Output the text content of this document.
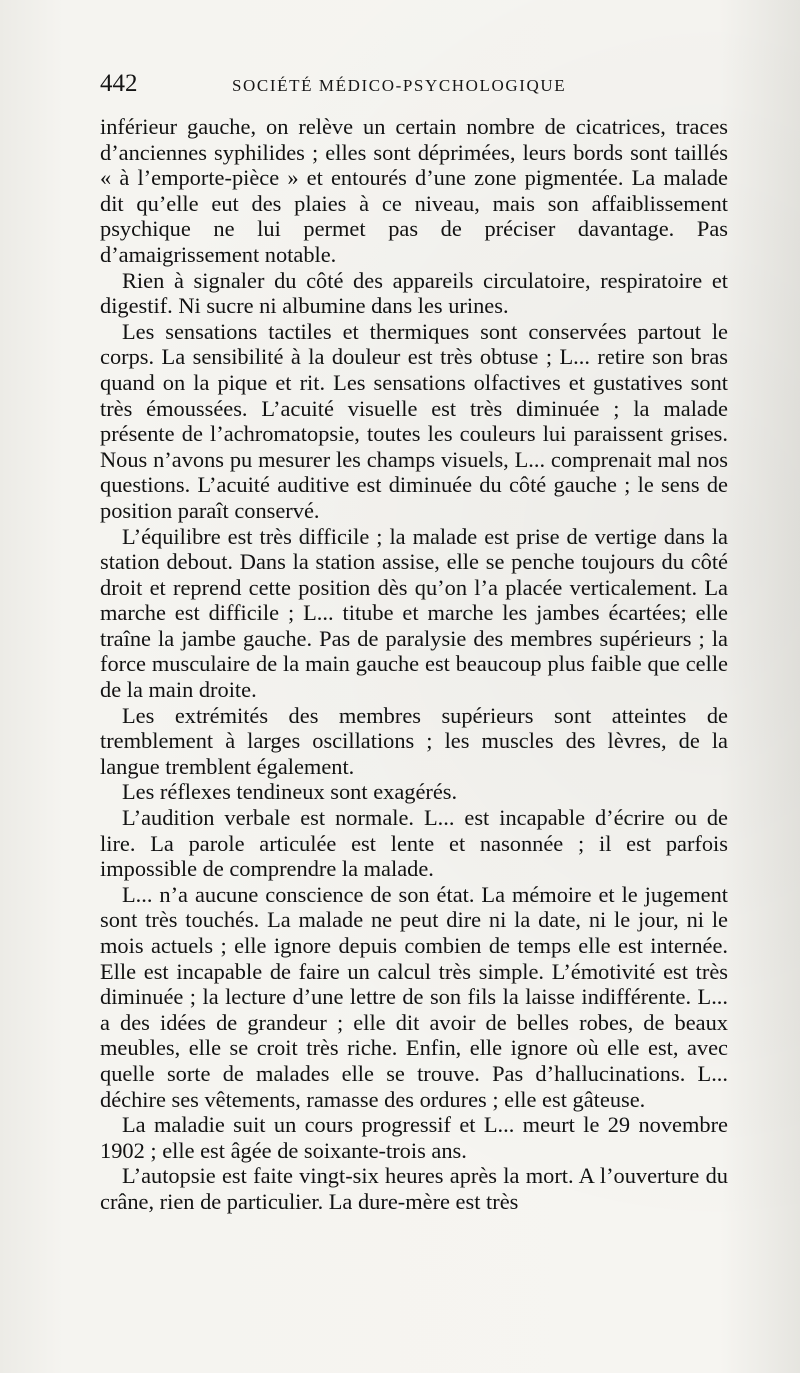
442	SOCIÉTÉ MÉDICO-PSYCHOLOGIQUE

inférieur gauche, on relève un certain nombre de cicatrices, traces d’anciennes syphilides ; elles sont déprimées, leurs bords sont taillés « à l’emporte-pièce » et entourés d’une zone pigmentée. La malade dit qu’elle eut des plaies à ce niveau, mais son affaiblissement psychique ne lui permet pas de préciser davantage. Pas d’amaigrissement notable.

Rien à signaler du côté des appareils circulatoire, respiratoire et digestif. Ni sucre ni albumine dans les urines.

Les sensations tactiles et thermiques sont conservées partout le corps. La sensibilité à la douleur est très obtuse ; L... retire son bras quand on la pique et rit. Les sensations olfactives et gustatives sont très émoussées. L’acuité visuelle est très diminuée ; la malade présente de l’achromatopsie, toutes les couleurs lui paraissent grises. Nous n’avons pu mesurer les champs visuels, L... comprenait mal nos questions. L’acuité auditive est diminuée du côté gauche ; le sens de position paraît conservé.

L’équilibre est très difficile ; la malade est prise de vertige dans la station debout. Dans la station assise, elle se penche toujours du côté droit et reprend cette position dès qu’on l’a placée verticalement. La marche est difficile ; L... titube et marche les jambes écartées; elle traîne la jambe gauche. Pas de paralysie des membres supérieurs ; la force musculaire de la main gauche est beaucoup plus faible que celle de la main droite.

Les extrémités des membres supérieurs sont atteintes de tremblement à larges oscillations ; les muscles des lèvres, de la langue tremblent également.

Les réflexes tendineux sont exagérés.

L’audition verbale est normale. L... est incapable d’écrire ou de lire. La parole articulée est lente et nasonnée ; il est parfois impossible de comprendre la malade.

L... n’a aucune conscience de son état. La mémoire et le jugement sont très touchés. La malade ne peut dire ni la date, ni le jour, ni le mois actuels ; elle ignore depuis combien de temps elle est internée. Elle est incapable de faire un calcul très simple. L’émotivité est très diminuée ; la lecture d’une lettre de son fils la laisse indifférente. L... a des idées de grandeur ; elle dit avoir de belles robes, de beaux meubles, elle se croit très riche. Enfin, elle ignore où elle est, avec quelle sorte de malades elle se trouve. Pas d’hallucinations. L... déchire ses vêtements, ramasse des ordures ; elle est gâteuse.

La maladie suit un cours progressif et L... meurt le 29 novembre 1902 ; elle est âgée de soixante-trois ans.

L’autopsie est faite vingt-six heures après la mort. A l’ouverture du crâne, rien de particulier. La dure-mère est très
